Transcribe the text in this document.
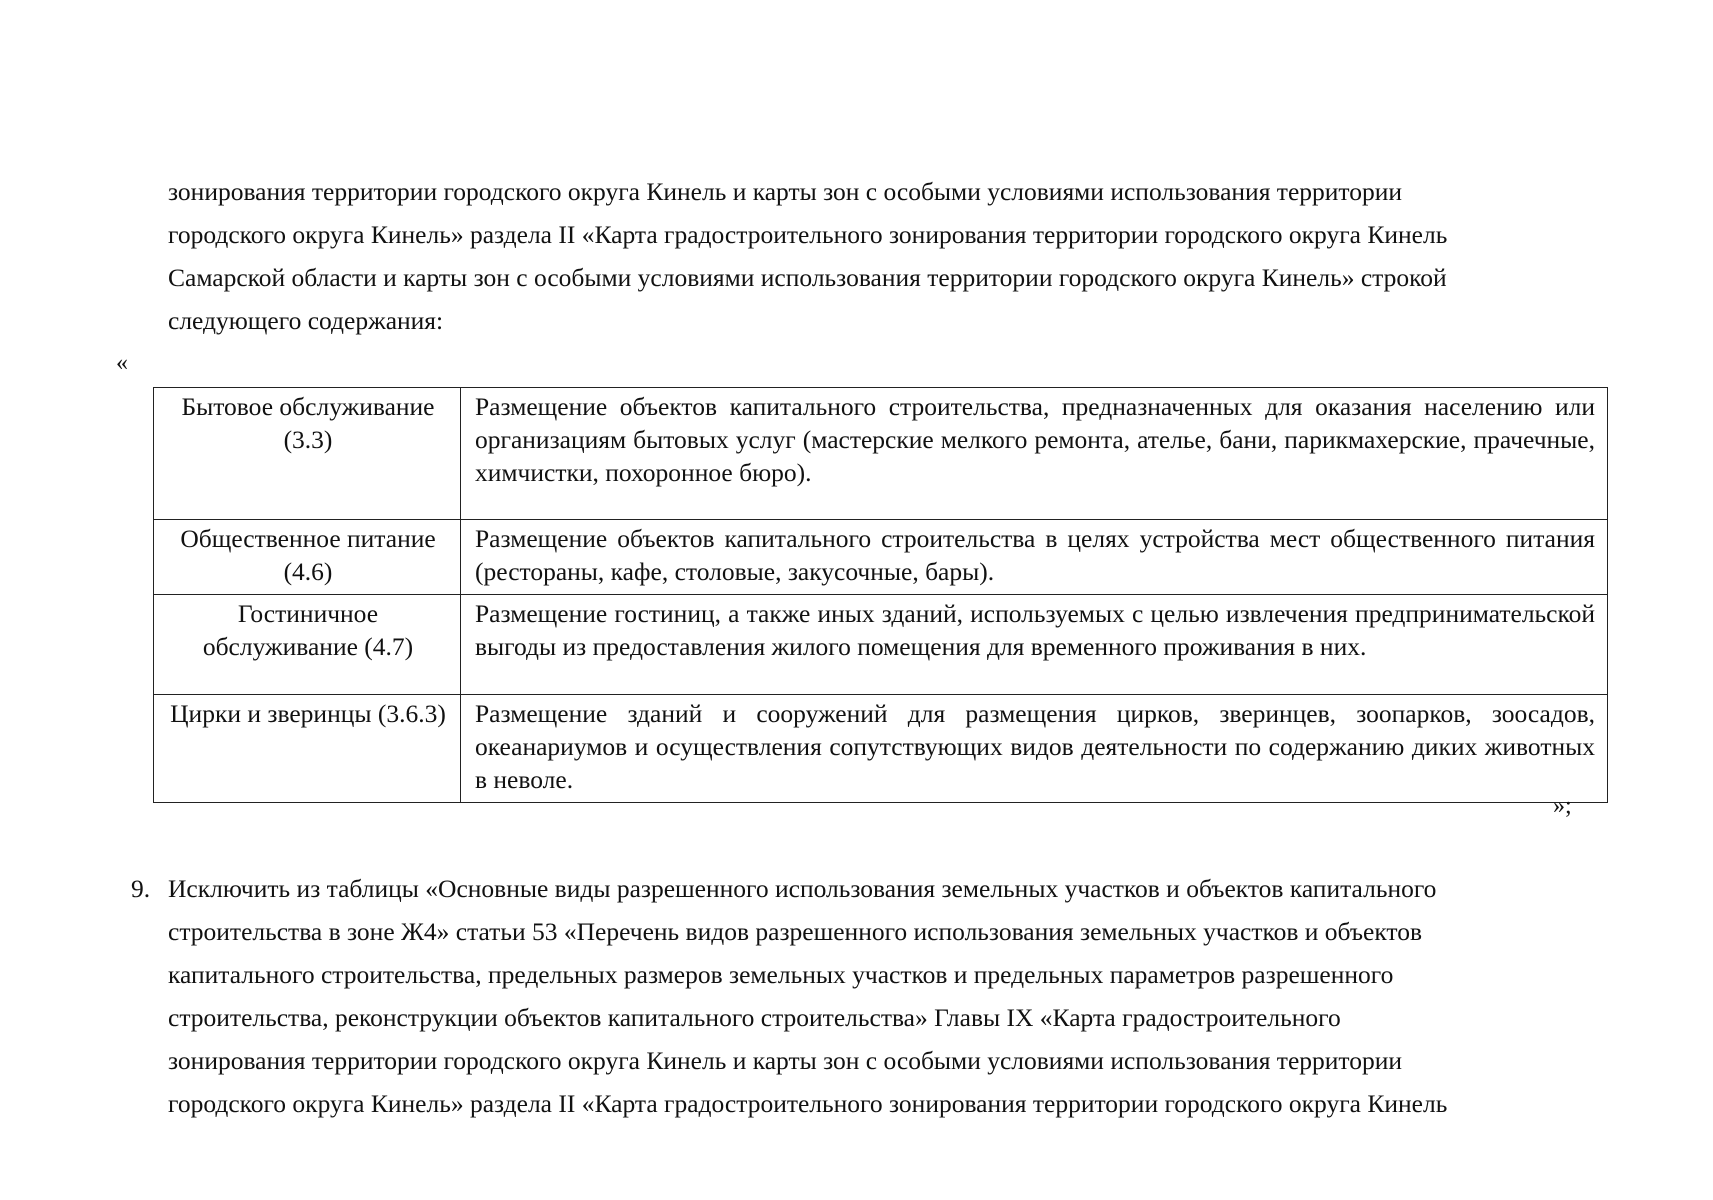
зонирования территории городского округа Кинель и карты зон с особыми условиями использования территории

городского округа Кинель» раздела II «Карта градостроительного зонирования территории городского округа Кинель

Самарской области и карты зон с особыми условиями использования территории городского округа Кинель» строкой

следующего содержания:

«
Бытовое обслуживание (3.3)	Размещение объектов капитального строительства, предназначенных для оказания населению или организациям бытовых услуг (мастерские мелкого ремонта, ателье, бани, парикмахерские, прачечные, химчистки, похоронное бюро).
Общественное питание (4.6)	Размещение объектов капитального строительства в целях устройства мест общественного питания (рестораны, кафе, столовые, закусочные, бары).
Гостиничное обслуживание (4.7)	Размещение гостиниц, а также иных зданий, используемых с целью извлечения предпринимательской выгоды из предоставления жилого помещения для временного проживания в них.
Цирки и зверинцы (3.6.3)	Размещение зданий и сооружений для размещения цирков, зверинцев, зоопарков, зоосадов, океанариумов и осуществления сопутствующих видов деятельности по содержанию диких животных в неволе.
»;
9. Исключить из таблицы «Основные виды разрешенного использования земельных участков и объектов капитального
строительства в зоне Ж4» статьи 53 «Перечень видов разрешенного использования земельных участков и объектов
капитального строительства, предельных размеров земельных участков и предельных параметров разрешенного
строительства, реконструкции объектов капитального строительства» Главы IX «Карта градостроительного
зонирования территории городского округа Кинель и карты зон с особыми условиями использования территории
городского округа Кинель» раздела II «Карта градостроительного зонирования территории городского округа Кинель
